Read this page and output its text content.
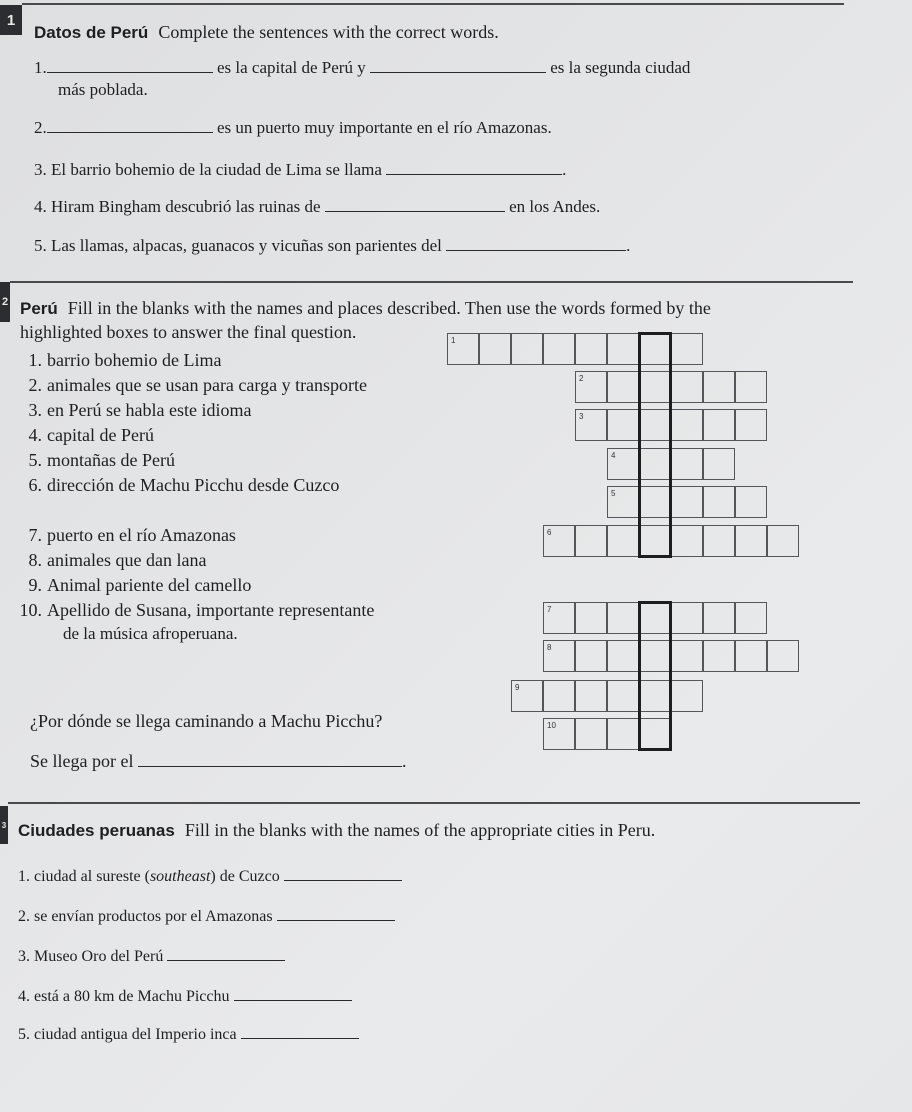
1
Datos de Perú Complete the sentences with the correct words.
1.	es la capital de Perú y	es la segunda ciudad
más poblada.
2.	es un puerto muy importante en el río Amazonas.
3. El barrio bohemio de la ciudad de Lima se llama	.
4. Hiram Bingham descubrió las ruinas de	en los Andes.
5. Las llamas, alpacas, guanacos y vicuñas son parientes del	.
2 Perú Fill in the blanks with the names and places described. Then use the words formed by the
highlighted boxes to answer the final question.
1. barrio bohemio de Lima
2. animales que se usan para carga y transporte
3. en Perú se habla este idioma
4. capital de Perú
5. montañas de Perú
6. dirección de Machu Picchu desde Cuzco
7. puerto en el río Amazonas
8. animales que dan lana
9. Animal pariente del camello
10. Apellido de Susana, importante representante
de la música afroperuana.
¿Por dónde se llega caminando a Machu Picchu?
Se llega por el	.
1
2
3
4
5
6
7
8
9
10
3 Ciudades peruanas Fill in the blanks with the names of the appropriate cities in Peru.
1. ciudad al sureste (southeast) de Cuzco
2. se envían productos por el Amazonas
3. Museo Oro del Perú
4. está a 80 km de Machu Picchu
5. ciudad antigua del Imperio inca
